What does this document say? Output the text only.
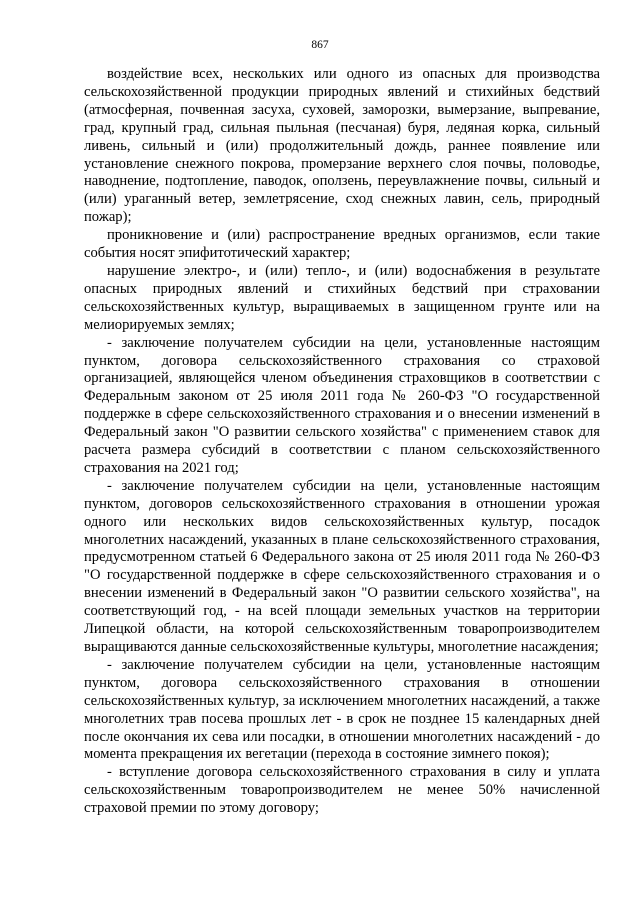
867

воздействие всех, нескольких или одного из опасных для производства сельскохозяйственной продукции природных явлений и стихийных бедствий (атмосферная, почвенная засуха, суховей, заморозки, вымерзание, выпревание, град, крупный град, сильная пыльная (песчаная) буря, ледяная корка, сильный ливень, сильный и (или) продолжительный дождь, раннее появление или установление снежного покрова, промерзание верхнего слоя почвы, половодье, наводнение, подтопление, паводок, оползень, переувлажнение почвы, сильный и (или) ураганный ветер, землетрясение, сход снежных лавин, сель, природный пожар);

проникновение и (или) распространение вредных организмов, если такие события носят эпифитотический характер;

нарушение электро-, и (или) тепло-, и (или) водоснабжения в результате опасных природных явлений и стихийных бедствий при страховании сельскохозяйственных культур, выращиваемых в защищенном грунте или на мелиорируемых землях;

- заключение получателем субсидии на цели, установленные настоящим пунктом, договора сельскохозяйственного страхования со страховой организацией, являющейся членом объединения страховщиков в соответствии с Федеральным законом от 25 июля 2011 года № 260-ФЗ "О государственной поддержке в сфере сельскохозяйственного страхования и о внесении изменений в Федеральный закон "О развитии сельского хозяйства" с применением ставок для расчета размера субсидий в соответствии с планом сельскохозяйственного страхования на 2021 год;

- заключение получателем субсидии на цели, установленные настоящим пунктом, договоров сельскохозяйственного страхования в отношении урожая одного или нескольких видов сельскохозяйственных культур, посадок многолетних насаждений, указанных в плане сельскохозяйственного страхования, предусмотренном статьей 6 Федерального закона от 25 июля 2011 года № 260-ФЗ "О государственной поддержке в сфере сельскохозяйственного страхования и о внесении изменений в Федеральный закон "О развитии сельского хозяйства", на соответствующий год, - на всей площади земельных участков на территории Липецкой области, на которой сельскохозяйственным товаропроизводителем выращиваются данные сельскохозяйственные культуры, многолетние насаждения;

- заключение получателем субсидии на цели, установленные настоящим пунктом, договора сельскохозяйственного страхования в отношении сельскохозяйственных культур, за исключением многолетних насаждений, а также многолетних трав посева прошлых лет - в срок не позднее 15 календарных дней после окончания их сева или посадки, в отношении многолетних насаждений - до момента прекращения их вегетации (перехода в состояние зимнего покоя);

- вступление договора сельскохозяйственного страхования в силу и уплата сельскохозяйственным товаропроизводителем не менее 50% начисленной страховой премии по этому договору;
